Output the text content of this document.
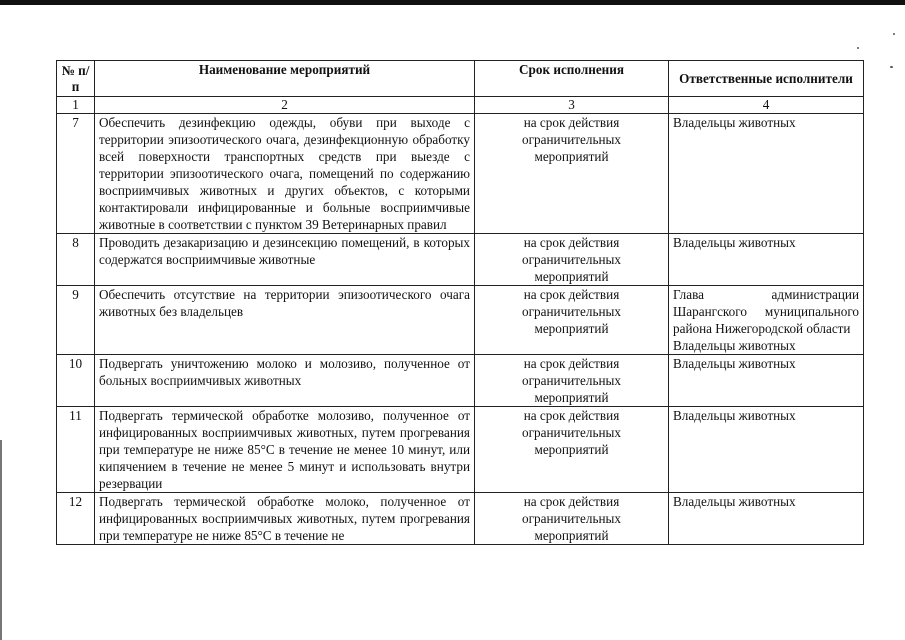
№ п/п	Наименование мероприятий	Срок исполнения	Ответственные исполнители
1	2	3	4
7	Обеспечить дезинфекцию одежды, обуви при выходе с территории эпизоотического очага, дезинфекционную обработку всей поверхности транспортных средств при выезде с территории эпизоотического очага, помещений по содержанию восприимчивых животных и других объектов, с которыми контактировали инфицированные и больные восприимчивые животные в соответствии с пунктом 39 Ветеринарных правил	на срок действия ограничительных мероприятий	Владельцы животных

8	Проводить дезакаризацию и дезинсекцию помещений, в которых содержатся восприимчивые животные	на срок действия ограничительных мероприятий	Владельцы животных

9	Обеспечить отсутствие на территории эпизоотического очага животных без владельцев	на срок действия ограничительных мероприятий	Глава администрации Шарангского муниципального района Нижегородской области
Владельцы животных

10	Подвергать уничтожению молоко и молозиво, полученное от больных восприимчивых животных	на срок действия ограничительных мероприятий	Владельцы животных

11	Подвергать термической обработке молозиво, полученное от инфицированных восприимчивых животных, путем прогревания при температуре не ниже 85°С в течение не менее 10 минут, или кипячением в течение не менее 5 минут и использовать внутри резервации	на срок действия ограничительных мероприятий	Владельцы животных

12	Подвергать термической обработке молоко, полученное от инфицированных восприимчивых животных, путем прогревания при температуре не ниже 85°С в течение не	на срок действия ограничительных мероприятий	Владельцы животных
